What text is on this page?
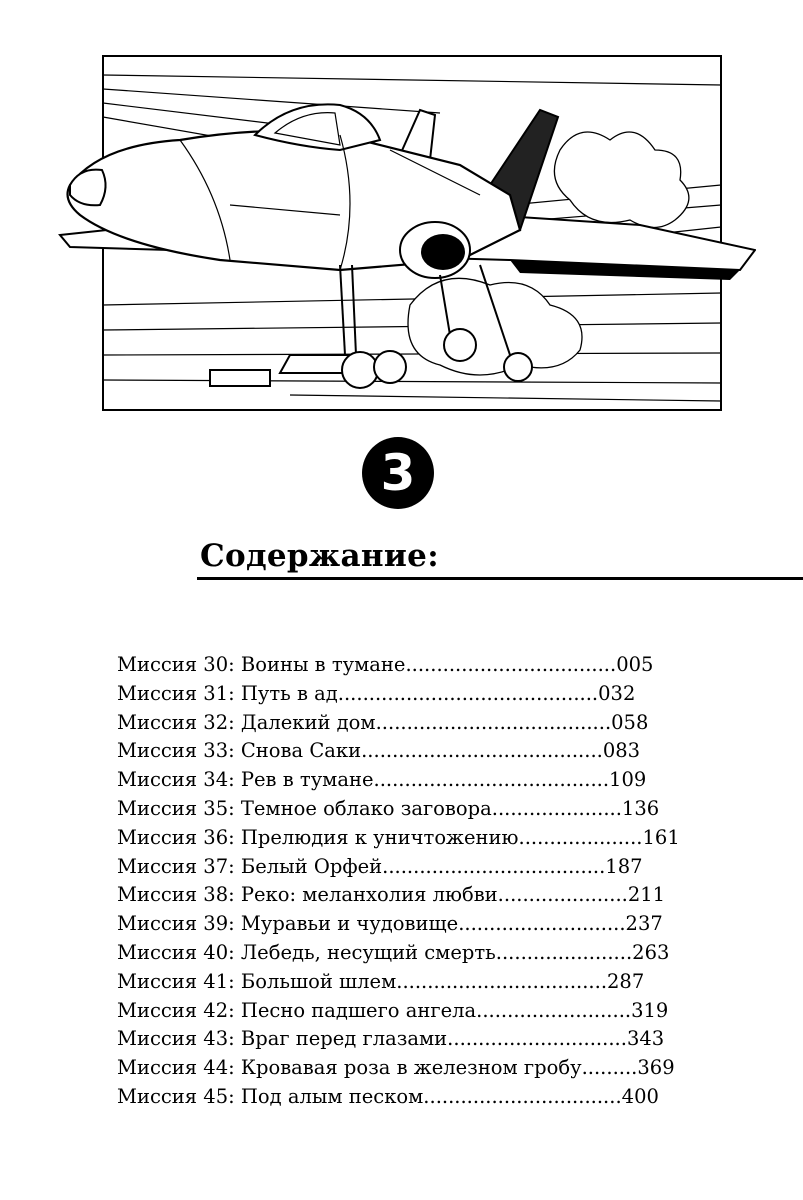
3
Содержание:
Миссия 30:
Воины в тумане .................................. 005
Миссия 31:
Путь в ад .......................................... 032
Миссия 32:
Далекий дом ...................................... 058
Миссия 33:
Снова Саки ....................................... 083
Миссия 34:
Рев в тумане ...................................... 109
Миссия 35:
Темное облако заговора ..................... 136
Миссия 36:
Прелюдия к уничтожению .................... 161
Миссия 37:
Белый Орфей .................................... 187
Миссия 38:
Реко: меланхолия любви ..................... 211
Миссия 39:
Муравьи и чудовище ........................... 237
Миссия 40:
Лебедь, несущий смерть ...................... 263
Миссия 41:
Большой шлем .................................. 287
Миссия 42:
Песно падшего ангела ......................... 319
Миссия 43:
Враг перед глазами ............................. 343
Миссия 44:
Кровавая роза в железном гробу ......... 369
Миссия 45:
Под алым песком ................................ 400
